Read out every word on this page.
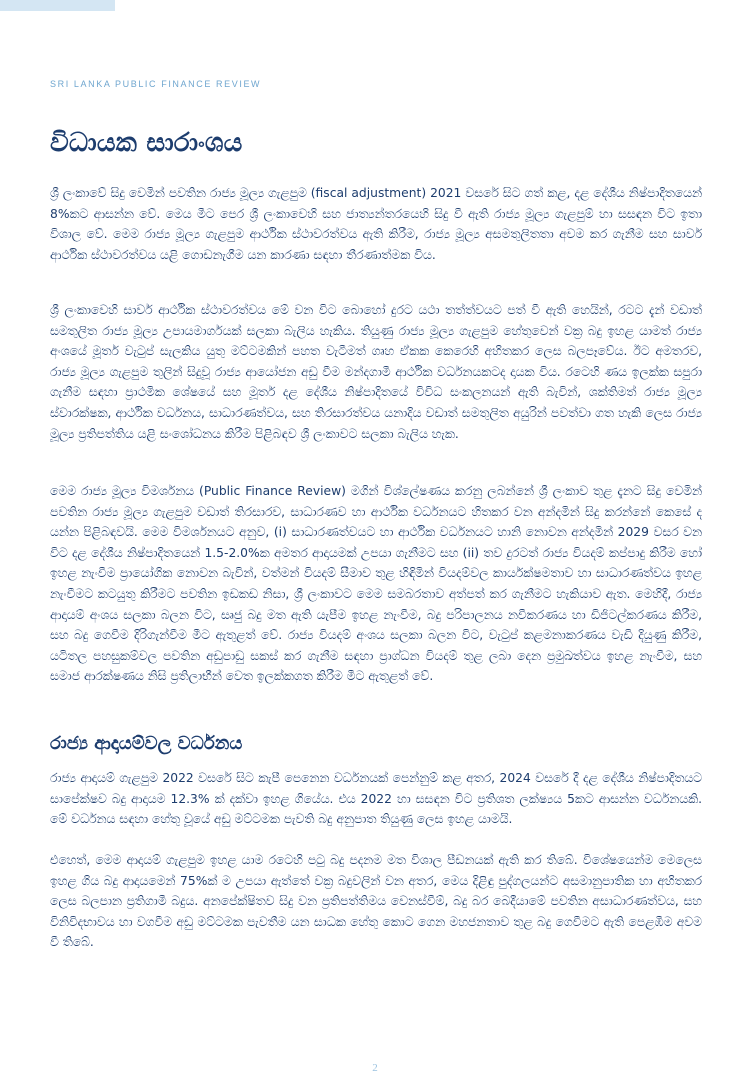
SRI LANKA PUBLIC FINANCE REVIEW
විධායක සාරාංශය

ශ්‍රී ලංකාවේ සිදු වෙමින් පවතින රාජ්‍ය මූල්‍ය ගැළපුම (fiscal adjustment) 2021 වසරේ සිට ගත් කළ, දළ දේශීය නිෂ්පාදිතයෙන් 8%කට ආසන්න වේ. මෙය මීට පෙර ශ්‍රී ලංකාවෙහි සහ ජාත්‍යන්තරයෙහි සිදු වී ඇති රාජ්‍ය මූල්‍ය ගැළපුම් හා සසඳන විට ඉතා විශාල වේ. මෙම රාජ්‍ය මූල්‍ය ගැළපුම ආර්ථික ස්ථාවරත්වය ඇති කිරීම, රාජ්‍ය මූල්‍ය අසමතුලිතතා අවම කර ගැනීම සහ සාර්ව ආර්ථික ස්ථාවරත්වය යළි ගොඩනැගීම යන කාරණා සඳහා තීරණාත්මක විය.

ශ්‍රී ලංකාවෙහි සාර්ව ආර්ථික ස්ථාවරත්වය මේ වන විට බොහෝ දුරට යථා තත්ත්වයට පත් වී ඇති හෙයින්, රටට දැන් වඩාත් සමතුලිත රාජ්‍ය මූල්‍ය උපායමාර්ගයක් සලකා බැලිය හැකිය. තියුණු රාජ්‍ය මූල්‍ය ගැළපුම හේතුවෙන් වක්‍ර බදු ඉහළ යාමත් රාජ්‍ය අංශයේ මූර්ත වැටුප් සැලකිය යුතු මට්ටමකින් පහත වැටීමත් ගෘහ ඒකක කෙරෙහි අහිතකර ලෙස බලපෑවේය. ඊට අමතරව, රාජ්‍ය මූල්‍ය ගැළපුම තුලින් සිදුවූ රාජ්‍ය ආයෝජන අඩු වීම මන්දගාමී ආර්ථික වර්ධනයකටද දායක විය. රටෙහි ණය ඉලක්ක සපුරා ගැනීම සඳහා ප්‍රාථමික ශේෂයේ සහ මූර්ත දළ දේශීය නිෂ්පාදිතයේ විවිධ සංකලනයන් ඇති බැවින්, ශක්තිමත් රාජ්‍ය මූල්‍ය ස්වාරක්ෂක, ආර්ථික වර්ධනය, සාධාරණත්වය, සහ තිරසාරත්වය යනාදිය වඩාත් සමතුලිත අයුරින් පවත්වා ගත හැකි ලෙස රාජ්‍ය මූල්‍ය ප්‍රතිපත්තිය යළි සංශෝධනය කිරීම පිළිබඳව ශ්‍රී ලංකාවට සලකා බැලිය හැක.

මෙම රාජ්‍ය මූල්‍ය විමර්ශනය (Public Finance Review) මගින් විශ්ලේෂණය කරනු ලබන්නේ ශ්‍රී ලංකාව තුළ දැනට සිදු වෙමින් පවතින රාජ්‍ය මූල්‍ය ගැළපුම වඩාත් තිරසාරව, සාධාරණව හා ආර්ථික වර්ධනයට හිතකර වන අන්දමින් සිදු කරන්නේ කෙසේ ද යන්න පිළිබඳවයි. මෙම විමර්ශනයට අනුව, (i) සාධාරණත්වයට හා ආර්ථික වර්ධනයට හානි නොවන අන්දමින් 2029 වසර වන විට දළ දේශීය නිෂ්පාදිතයෙන් 1.5-2.0%ක අමතර ආදායමක් උපයා ගැනීමට සහ (ii) තව දුරටත් රාජ්‍ය වියදම් කප්පාදු කිරීම හෝ ඉහළ නැංවීම ප්‍රායෝගික නොවන බැවින්, වත්මන් වියදම් සීමාව තුළ හිඳිමින් වියදම්වල කාර්යක්ෂමතාව හා සාධාරණත්වය ඉහළ නැංවීමට කටයුතු කිරීමට පවතින ඉඩකඩ නිසා, ශ්‍රී ලංකාවට මෙම සමබරතාව අත්පත් කර ගැනීමට හැකියාව ඇත. මෙහිදී, රාජ්‍ය ආදායම් අංශය සලකා බලන විට, සෘජු බදු මත ඇති යැපීම ඉහළ නැංවීම, බදු පරිපාලනය නවීකරණය හා ඩිජිටල්කරණය කිරීම, සහ බදු ගෙවීම දිරිගැන්වීම මීට ඇතුළත් වේ. රාජ්‍ය වියදම් අංශය සලකා බලන විට, වැටුප් කළමනාකරණය වැඩි දියුණු කිරීම, යටිතල පහසුකම්වල පවතින අඩුපාඩු සකස් කර ගැනීම සඳහා ප්‍රාග්ධන වියදම් තුළ ලබා දෙන ප්‍රමුඛත්වය ඉහළ නැංවීම, සහ සමාජ ආරක්ෂණය නිසි ප්‍රතිලාභීන් වෙත ඉලක්කගත කිරීම මීට ඇතුළත් වේ.

රාජ්‍ය ආදායම්වල වර්ධනය

රාජ්‍ය ආදායම් ගැළපුම 2022 වසරේ සිට කැපී පෙනෙන වර්ධනයක් පෙන්නුම් කළ අතර, 2024 වසරේ දී දළ දේශීය නිෂ්පාදිතයට සාපේක්ෂව බදු ආදායම 12.3% ක් දක්වා ඉහළ ගියේය. එය 2022 හා සසඳන විට ප්‍රතිශත ලක්ෂ්‍යය 5කට ආසන්න වර්ධනයකි. මේ වර්ධනය සඳහා හේතු වූයේ අඩු මට්ටමක පැවති බදු අනුපාත තියුණු ලෙස ඉහළ යාමයි.

එහෙත්, මෙම ආදායම් ගැළපුම ඉහළ යාම රටෙහි පටු බදු පදනම මත විශාල පීඩනයක් ඇති කර තිබේ. විශේෂයෙන්ම මෙලෙස ඉහළ ගිය බදු ආදායමෙන් 75%ක් ම උපයා ඇත්තේ වක්‍ර බදුවලින් වන අතර, මෙය දිළිඳු පුද්ගලයන්ට අසමානුපාතික හා අහිතකර ලෙස බලපාන ප්‍රතිගාමී බදුය. අනපේක්ෂිතව සිදු වන ප්‍රතිපත්තිමය වෙනස්වීම්, බදු බර බෙදීයාමේ පවතින අසාධාරණත්වය, සහ විනිවිදභාවය හා වගවීම අඩු මට්ටමක පැවතීම යන සාධක හේතු කොට ගෙන මහජනතාව තුළ බදු ගෙවීමට ඇති පෙළඹීම අවම වී තිබේ.

2
